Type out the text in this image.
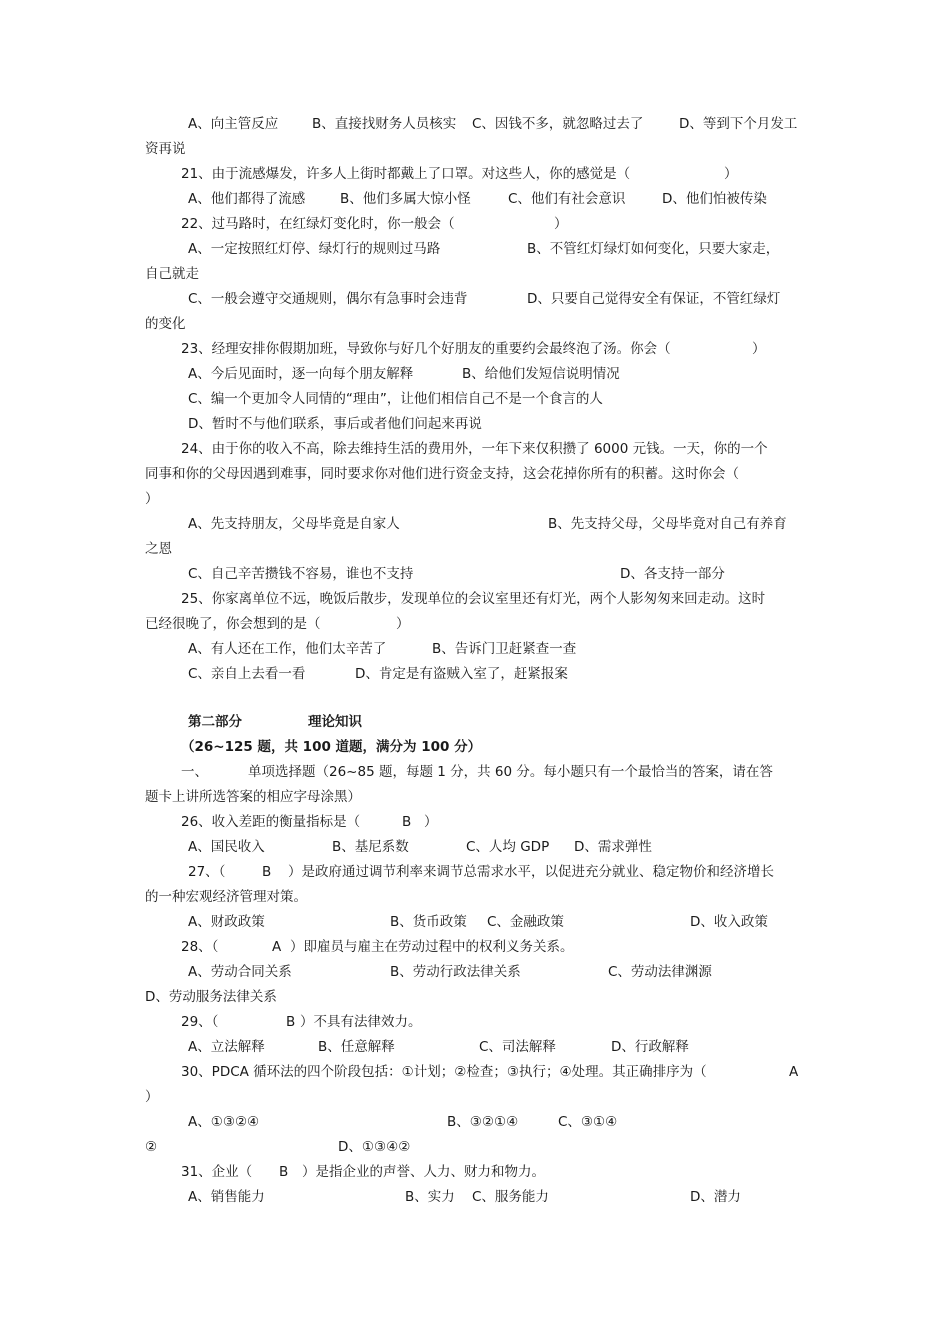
A、向主管反应	B、直接找财务人员核实 C、因钱不多，就忽略过去了	D、等到下个月发工
资再说
21、由于流感爆发，许多人上街时都戴上了口罩。对这些人，你的感觉是（	）
A、他们都得了流感	B、他们多属大惊小怪	C、他们有社会意识	D、他们怕被传染
22、过马路时，在红绿灯变化时，你一般会（	）
A、一定按照红灯停、绿灯行的规则过马路	B、不管红灯绿灯如何变化，只要大家走，
自己就走
C、一般会遵守交通规则，偶尔有急事时会违背	D、只要自己觉得安全有保证，不管红绿灯
的变化
23、经理安排你假期加班，导致你与好几个好朋友的重要约会最终泡了汤。你会（	）
A、今后见面时，逐一向每个朋友解释	B、给他们发短信说明情况
C、编一个更加令人同情的“理由”，让他们相信自己不是一个食言的人
D、暂时不与他们联系，事后或者他们问起来再说
24、由于你的收入不高，除去维持生活的费用外，一年下来仅积攒了 6000 元钱。一天，你的一个
同事和你的父母因遇到难事，同时要求你对他们进行资金支持，这会花掉你所有的积蓄。这时你会（
）
A、先支持朋友，父母毕竟是自家人	B、先支持父母，父母毕竟对自己有养育
之恩
C、自己辛苦攒钱不容易，谁也不支持	D、各支持一部分
25、你家离单位不远，晚饭后散步，发现单位的会议室里还有灯光，两个人影匆匆来回走动。这时
已经很晚了，你会想到的是（	）
A、有人还在工作，他们太辛苦了	B、告诉门卫赶紧查一查
C、亲自上去看一看	D、肯定是有盗贼入室了，赶紧报案
第二部分	理论知识
（26~125 题，共 100 道题，满分为 100 分）
一、	单项选择题（26~85 题，每题 1 分，共 60 分。每小题只有一个最恰当的答案，请在答
题卡上讲所选答案的相应字母涂黑）
26、收入差距的衡量指标是（	B ）
A、国民收入	B、基尼系数	C、人均 GDP D、需求弹性
27、（	B ）是政府通过调节利率来调节总需求水平，以促进充分就业、稳定物价和经济增长
的一种宏观经济管理对策。
A、财政政策	B、货币政策 C、金融政策	D、收入政策
28、（	A ）即雇员与雇主在劳动过程中的权利义务关系。
A、劳动合同关系	B、劳动行政法律关系	C、劳动法律渊源
D、劳动服务法律关系
29、（	B ）不具有法律效力。
A、立法解释	B、任意解释	C、司法解释	D、行政解释
30、PDCA 循环法的四个阶段包括：①计划；②检查；③执行；④处理。其正确排序为（	A
）
A、①③②④	B、③②①④	C、③①④
②	D、①③④②
31、企业（ B ）是指企业的声誉、人力、财力和物力。
A、销售能力	B、实力 C、服务能力	D、潜力
